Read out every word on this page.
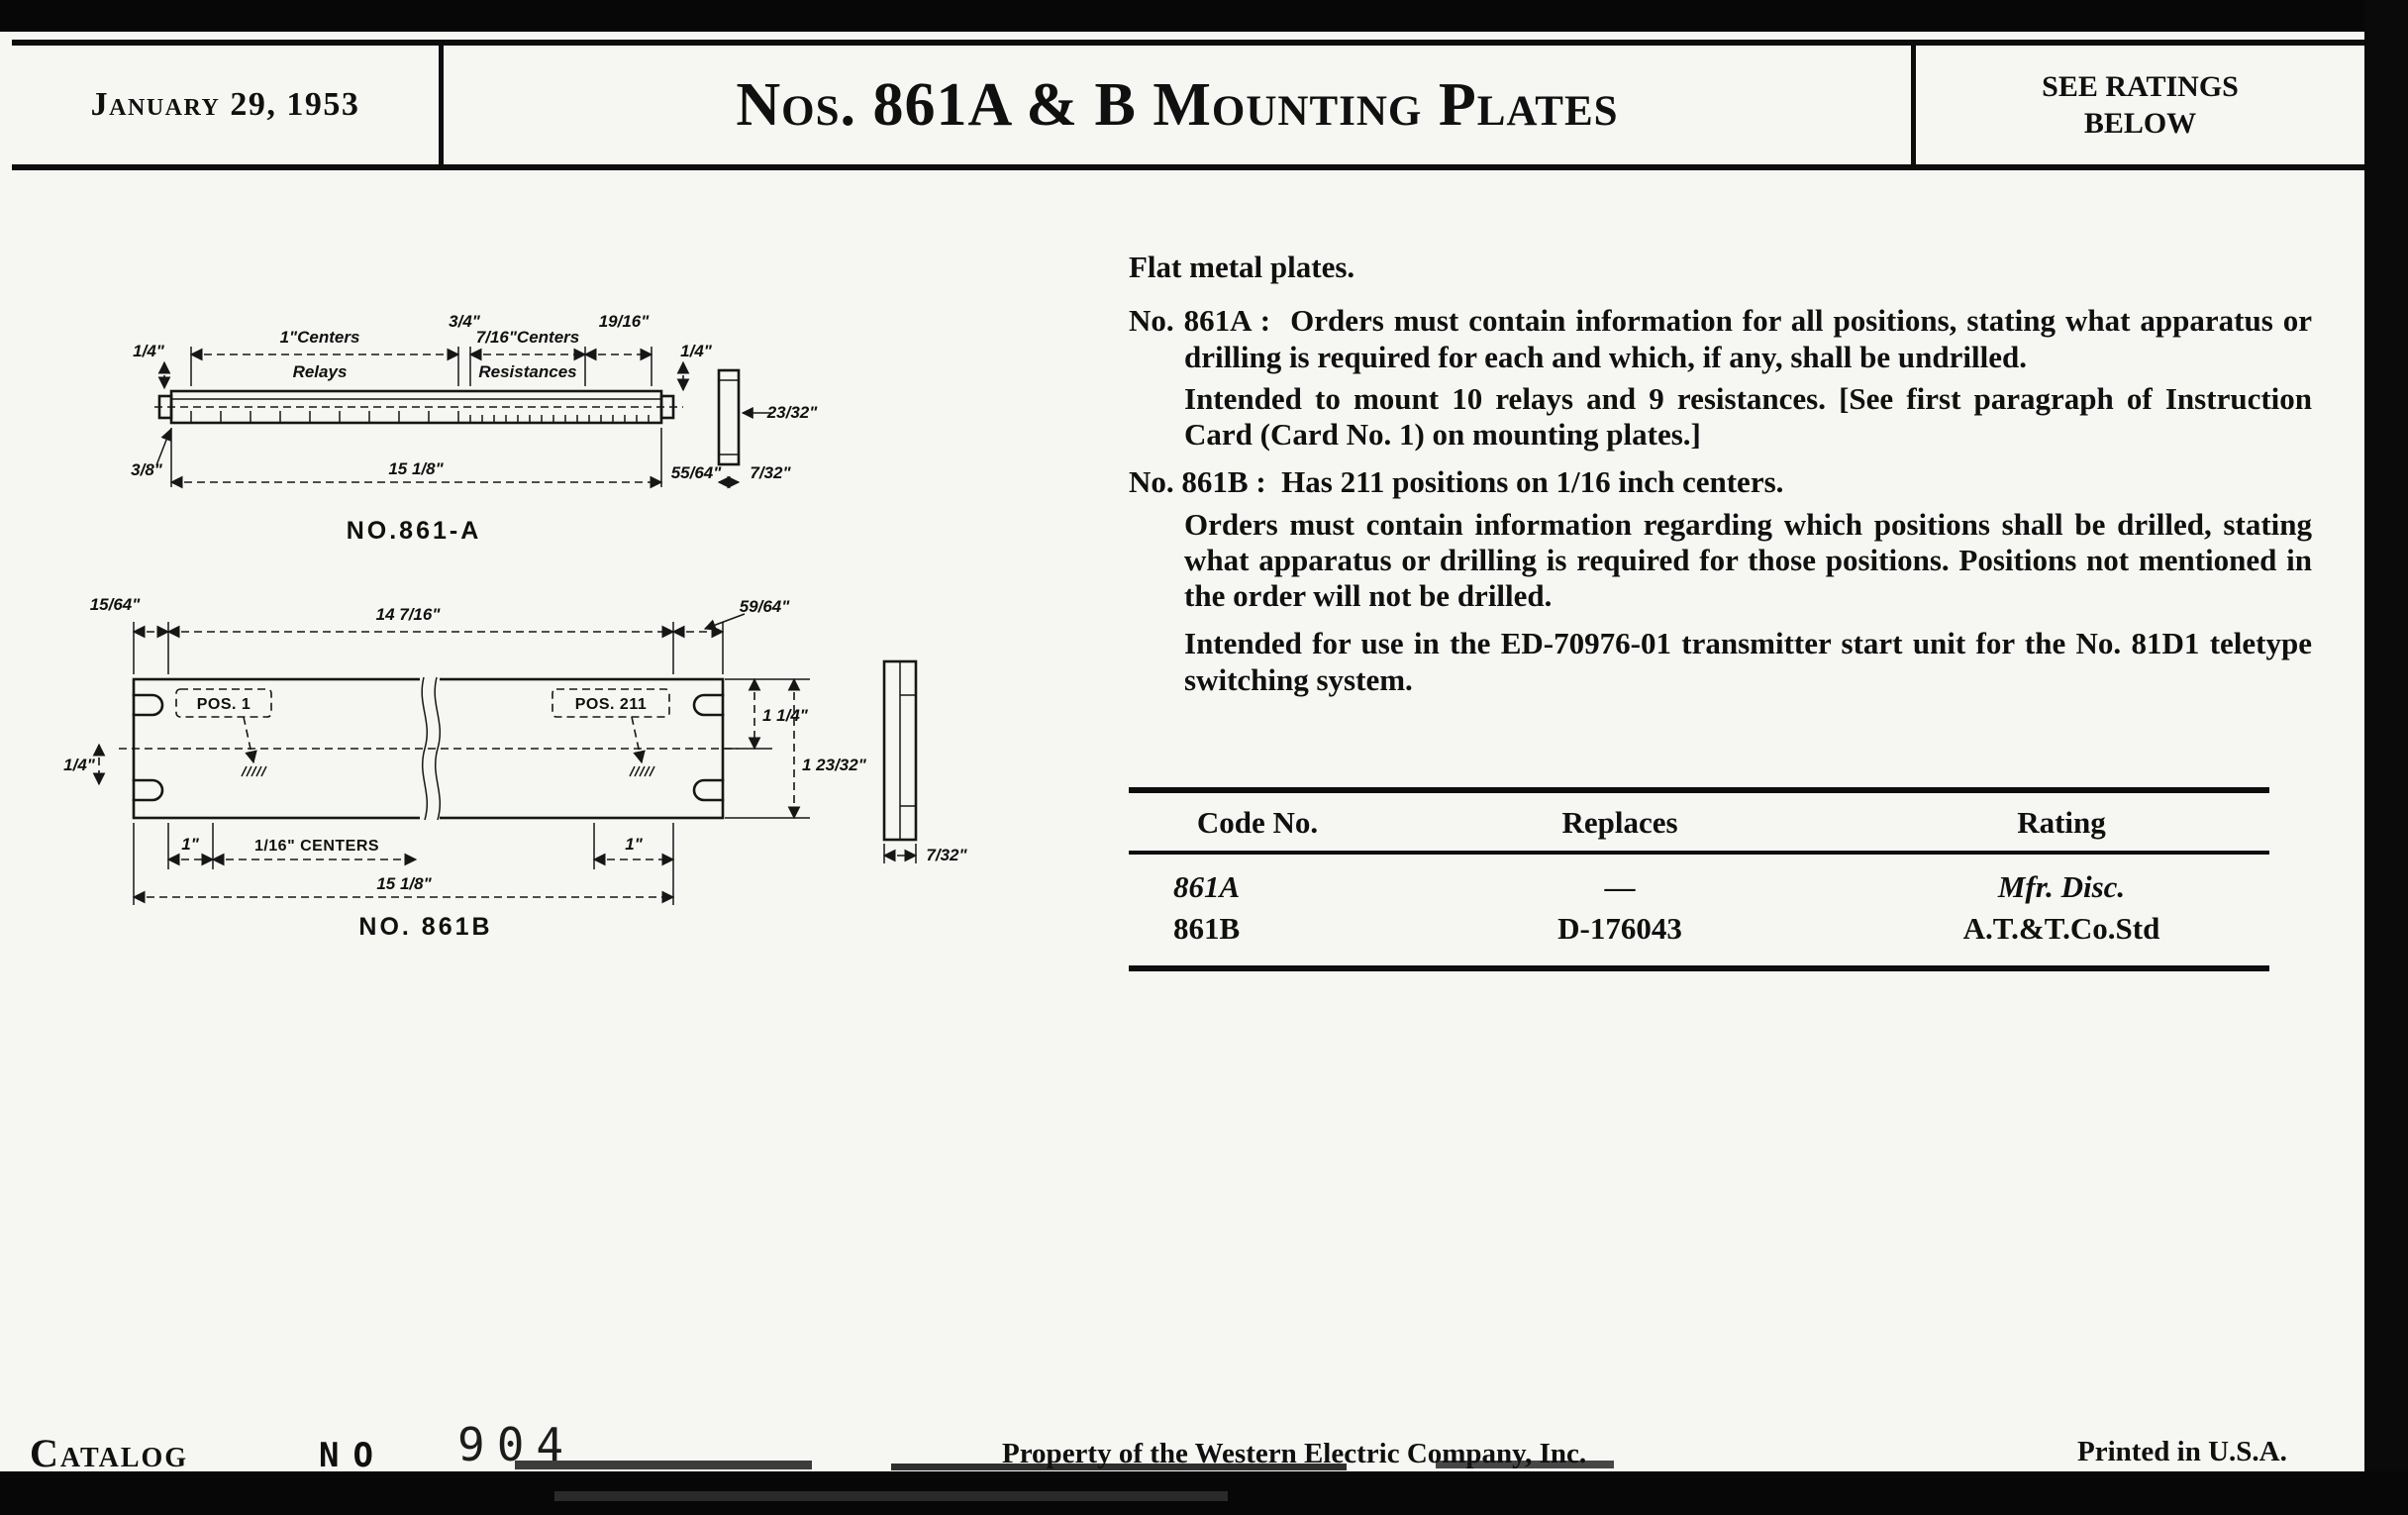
January 29, 1953	Nos. 861A & B Mounting Plates	SEE RATINGS BELOW
1"Centers
Relays
3/4"
7/16"Centers
Resistances
19/16"
1/4"	1/4"
23/32"
15 1/8"
3/8"	55/64" 7/32"
NO.861-A
POS. 1	POS. 211
15/64"
14 7/16"	59/64"
1/4"
1 1/4"
1 23/32"
1"	1/16" CENTERS	1"
15 1/8"
7/32"
NO. 861B

Flat metal plates.

No. 861A : Orders must contain information for all positions, stating what apparatus or drilling is required for each and which, if any, shall be undrilled.

Intended to mount 10 relays and 9 resistances. [See first paragraph of Instruction Card (Card No. 1) on mounting plates.]

No. 861B : Has 211 positions on 1/16 inch centers.

Orders must contain information regarding which positions shall be drilled, stating what apparatus or drilling is required for those positions. Positions not mentioned in the order will not be drilled.

Intended for use in the ED-70976-01 transmitter start unit for the No. 81D1 teletype switching system.

Code No.	Replaces	Rating
861A	—	Mfr. Disc.
861B	D-176043	A.T.&T.Co.Std
Catalog	NO 904	Property of the Western Electric Company, Inc.	Printed in U.S.A.
